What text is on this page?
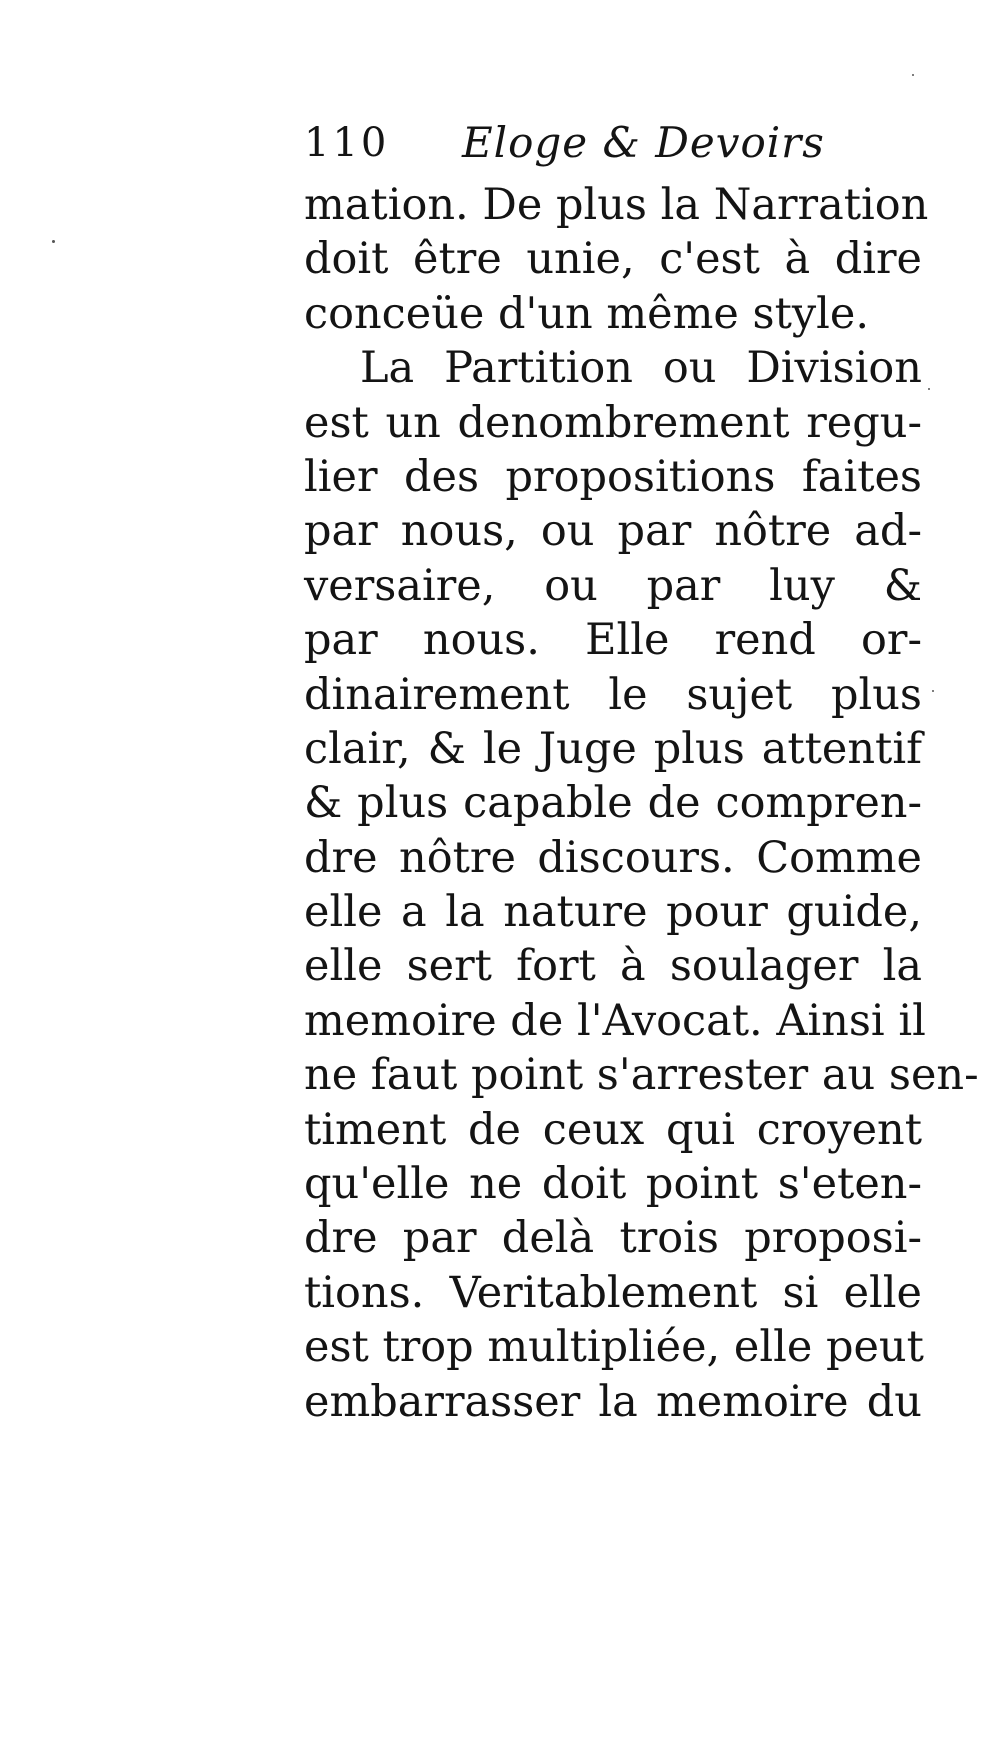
110 Eloge & Devoirs
mation. De plus la Narration
doit être unie, c'est à dire
conceüe d'un même style.
La Partition ou Division
est un denombrement regu-
lier des propositions faites
par nous, ou par nôtre ad-
versaire, ou par luy &
par nous. Elle rend or-
dinairement le sujet plus
clair, & le Juge plus attentif
& plus capable de compren-
dre nôtre discours. Comme
elle a la nature pour guide,
elle sert fort à soulager la
memoire de l'Avocat. Ainsi il
ne faut point s'arrester au sen-
timent de ceux qui croyent
qu'elle ne doit point s'eten-
dre par delà trois proposi-
tions. Veritablement si elle
est trop multipliée, elle peut
embarrasser la memoire du
